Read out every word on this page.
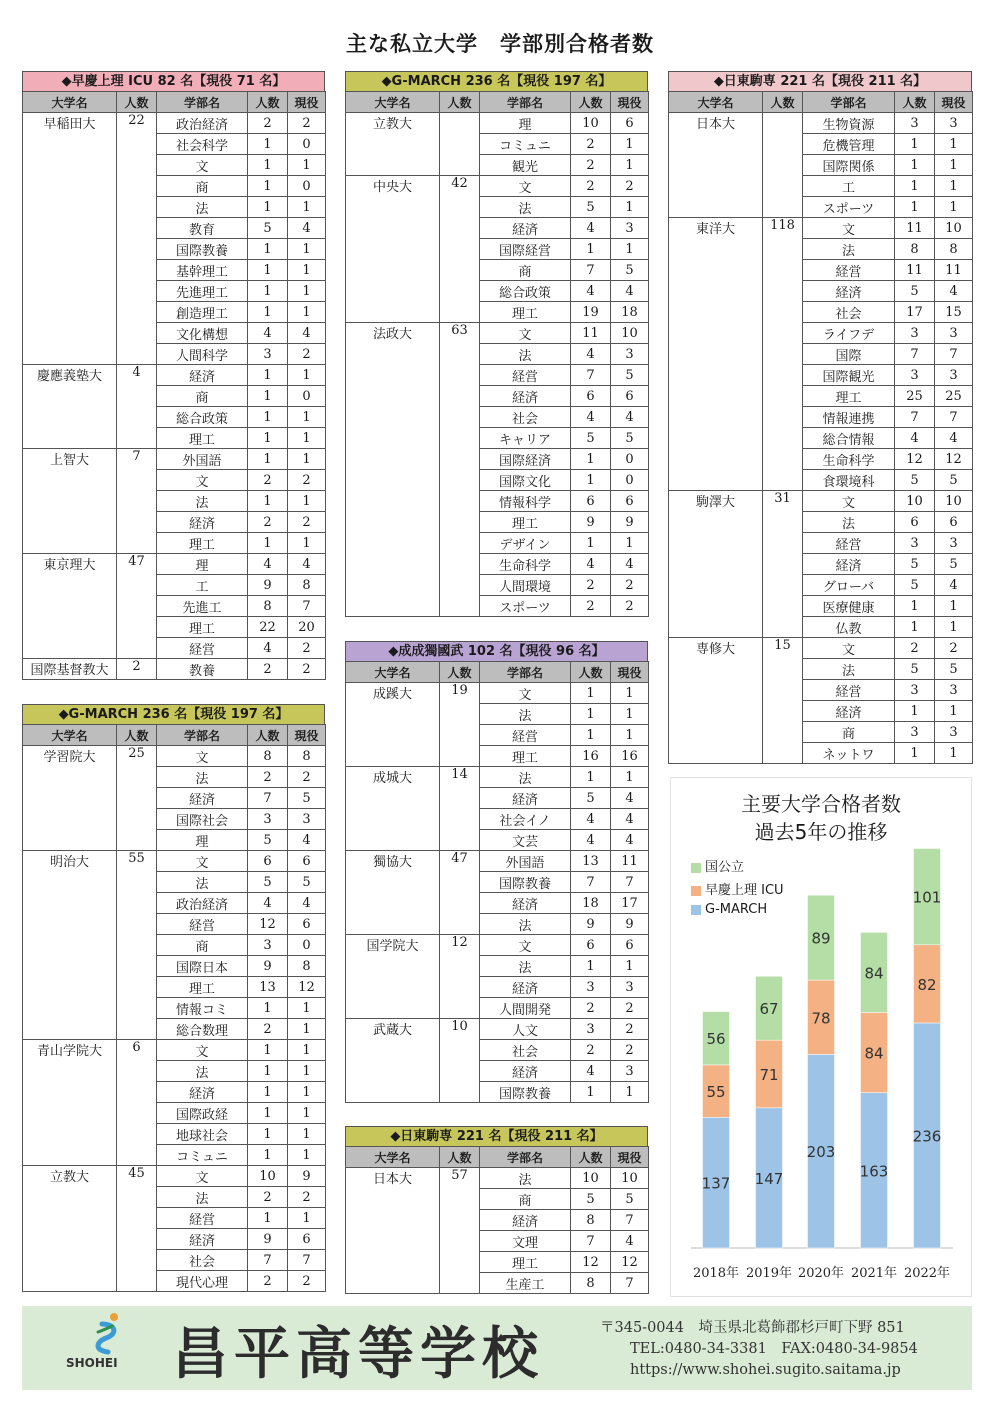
主な私立大学　学部別合格者数
◆早慶上理 ICU 82 名【現役 71 名】
大学名	人数	学部名	人数	現役
早稲田大	22	政治経済	2	2
		社会科学	1	0
		文	1	1
		商	1	0
		法	1	1
		教育	5	4
		国際教養	1	1
		基幹理工	1	1
		先進理工	1	1
		創造理工	1	1
		文化構想	4	4
		人間科学	3	2
慶應義塾大	4	経済	1	1
		商	1	0
		総合政策	1	1
		理工	1	1
上智大	7	外国語	1	1
		文	2	2
		法	1	1
		経済	2	2
		理工	1	1
東京理大	47	理	4	4
		工	9	8
		先進工	8	7
		理工	22	20
		経営	4	2
国際基督教大	2	教養	2	2
◆G-MARCH 236 名【現役 197 名】
大学名	人数	学部名	人数	現役
学習院大	25	文	8	8
		法	2	2
		経済	7	5
		国際社会	3	3
		理	5	4
明治大	55	文	6	6
		法	5	5
		政治経済	4	4
		経営	12	6
		商	3	0
		国際日本	9	8
		理工	13	12
		情報コミ	1	1
		総合数理	2	1
青山学院大	6	文	1	1
		法	1	1
		経済	1	1
		国際政経	1	1
		地球社会	1	1
		コミュニ	1	1
立教大	45	文	10	9
		法	2	2
		経営	1	1
		経済	9	6
		社会	7	7
		現代心理	2	2
◆G-MARCH 236 名【現役 197 名】
大学名	人数	学部名	人数	現役
立教大		理	10	6
		コミュニ	2	1
		観光	2	1
中央大	42	文	2	2
		法	5	1
		経済	4	3
		国際経営	1	1
		商	7	5
		総合政策	4	4
		理工	19	18
法政大	63	文	11	10
		法	4	3
		経営	7	5
		経済	6	6
		社会	4	4
		キャリア	5	5
		国際経済	1	0
		国際文化	1	0
		情報科学	6	6
		理工	9	9
		デザイン	1	1
		生命科学	4	4
		人間環境	2	2
		スポーツ	2	2
◆成成獨國武 102 名【現役 96 名】
大学名	人数	学部名	人数	現役
成蹊大	19	文	1	1
		法	1	1
		経営	1	1
		理工	16	16
成城大	14	法	1	1
		経済	5	4
		社会イノ	4	4
		文芸	4	4
獨協大	47	外国語	13	11
		国際教養	7	7
		経済	18	17
		法	9	9
国学院大	12	文	6	6
		法	1	1
		経済	3	3
		人間開発	2	2
武蔵大	10	人文	3	2
		社会	2	2
		経済	4	3
		国際教養	1	1
◆日東駒専 221 名【現役 211 名】
大学名	人数	学部名	人数	現役
日本大	57	法	10	10
		商	5	5
		経済	8	7
		文理	7	4
		理工	12	12
		生産工	8	7
◆日東駒専 221 名【現役 211 名】
大学名	人数	学部名	人数	現役
日本大		生物資源	3	3
		危機管理	1	1
		国際関係	1	1
		工	1	1
		スポーツ	1	1
東洋大	118	文	11	10
		法	8	8
		経営	11	11
		経済	5	4
		社会	17	15
		ライフデ	3	3
		国際	7	7
		国際観光	3	3
		理工	25	25
		情報連携	7	7
		総合情報	4	4
		生命科学	12	12
		食環境科	5	5
駒澤大	31	文	10	10
		法	6	6
		経営	3	3
		経済	5	5
		グローバ	5	4
		医療健康	1	1
		仏教	1	1
専修大	15	文	2	2
		法	5	5
		経営	3	3
		経済	1	1
		商	3	3
		ネットワ	1	1
主要大学合格者数
過去5年の推移
国公立
早慶上理 ICU
G-MARCH
137
55
56
2018年
147
71
67
2019年
203
78
89
2020年
163
84
84
2021年
236
82
101
2022年
SHOHEI 昌平高等学校	〒345-0044　埼玉県北葛飾郡杉戸町下野 851
TEL:0480-34-3381　FAX:0480-34-9854
https://www.shohei.sugito.saitama.jp
